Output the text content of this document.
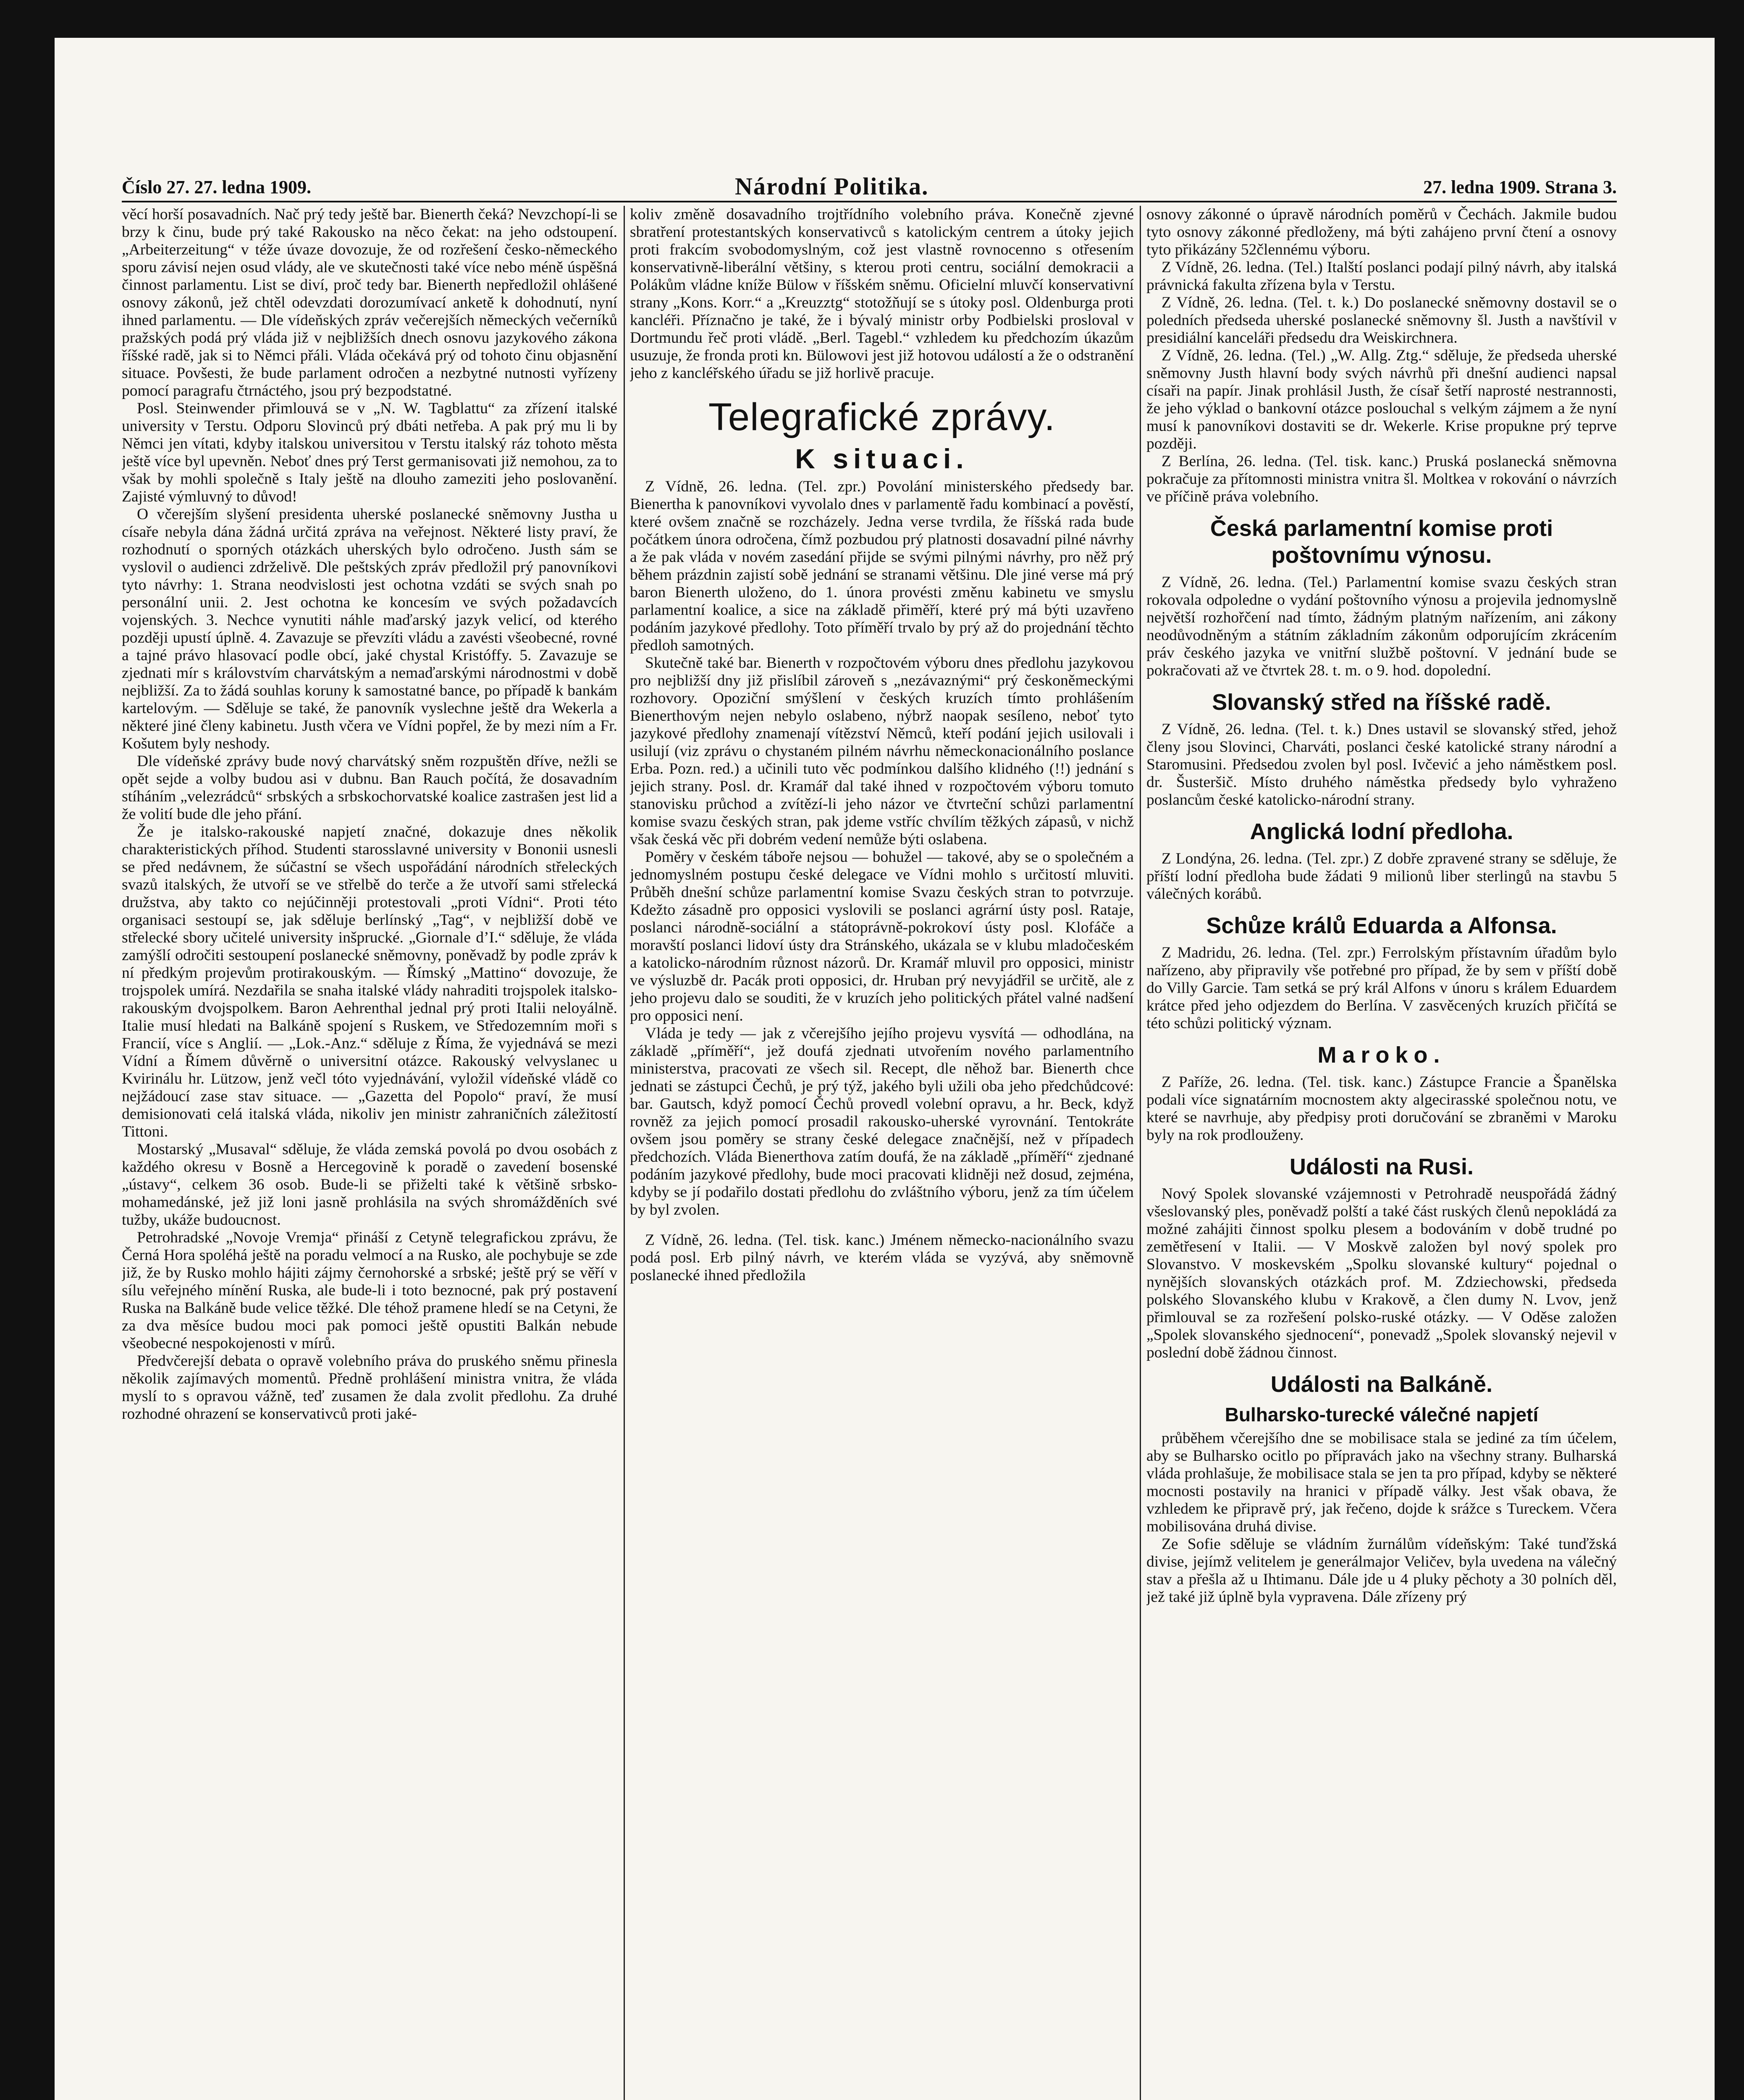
Číslo 27. 27. ledna 1909.	Národní Politika.	27. ledna 1909. Strana 3.

věcí horší posavadních. Nač prý tedy ještě bar. Bienerth čeká? Nevzchopí-li se brzy k činu, bude prý také Rakousko na něco čekat: na jeho odstoupení. „Arbeiterzeitung“ v téže úvaze dovozuje, že od rozřešení česko-německého sporu závisí nejen osud vlády, ale ve skutečnosti také více nebo méně úspěšná činnost parlamentu. List se diví, proč tedy bar. Bienerth nepředložil ohlášené osnovy zákonů, jež chtěl odevzdati dorozumívací anketě k dohodnutí, nyní ihned parlamentu. — Dle vídeňských zpráv večerejších německých večerníků pražských podá prý vláda již v nejbližších dnech osnovu jazykového zákona říšské radě, jak si to Němci přáli. Vláda očekává prý od tohoto činu objasnění situace. Povšesti, že bude parlament odročen a nezbytné nutnosti vyřízeny pomocí paragrafu čtrnáctého, jsou prý bezpodstatné.

Posl. Steinwender přimlouvá se v „N. W. Tagblattu“ za zřízení italské university v Terstu. Odporu Slovinců prý dbáti netřeba. A pak prý mu li by Němci jen vítati, kdyby italskou universitou v Terstu italský ráz tohoto města ještě více byl upevněn. Neboť dnes prý Terst germanisovati již nemohou, za to však by mohli společně s Italy ještě na dlouho zameziti jeho poslovanění. Zajisté výmluvný to důvod!

O včerejším slyšení presidenta uherské poslanecké sněmovny Justha u císaře nebyla dána žádná určitá zpráva na veřejnost. Některé listy praví, že rozhodnutí o sporných otázkách uherských bylo odročeno. Justh sám se vyslovil o audienci zdrželivě. Dle peštských zpráv předložil prý panovníkovi tyto návrhy: 1. Strana neodvislosti jest ochotna vzdáti se svých snah po personální unii. 2. Jest ochotna ke koncesím ve svých požadavcích vojenských. 3. Nechce vynutiti náhle maďarský jazyk velicí, od kterého později upustí úplně. 4. Zavazuje se převzíti vládu a zavésti všeobecné, rovné a tajné právo hlasovací podle obcí, jaké chystal Kristóffy. 5. Zavazuje se zjednati mír s královstvím charvátským a nemaďarskými národnostmi v době nejbližší. Za to žádá souhlas koruny k samostatné bance, po případě k bankám kartelovým. — Sděluje se také, že panovník vyslechne ještě dra Wekerla a některé jiné členy kabinetu. Justh včera ve Vídni popřel, že by mezi ním a Fr. Košutem byly neshody.

Dle vídeňské zprávy bude nový charvátský sněm rozpuštěn dříve, nežli se opět sejde a volby budou asi v dubnu. Ban Rauch počítá, že dosavadním stíháním „velezrádců“ srbských a srbskochorvatské koalice zastrašen jest lid a že volití bude dle jeho přání.

Že je italsko-rakouské napjetí značné, dokazuje dnes několik charakteristických příhod. Studenti starosslavné university v Bononii usnesli se před nedávnem, že súčastní se všech uspořádání národních střeleckých svazů italských, že utvoří se ve střelbě do terče a že utvoří sami střelecká družstva, aby takto co nejúčinněji protestovali „proti Vídni“. Proti této organisaci sestoupí se, jak sděluje berlínský „Tag“, v nejbližší době ve střelecké sbory učitelé university inšprucké. „Giornale d’I.“ sděluje, že vláda zamýšlí odročiti sestoupení poslanecké sněmovny, poněvadž by podle zpráv k ní předkým projevům protirakouským. — Římský „Mattino“ dovozuje, že trojspolek umírá. Nezdařila se snaha italské vlády nahraditi trojspolek italsko-rakouským dvojspolkem. Baron Aehrenthal jednal prý proti Italii neloyálně. Italie musí hledati na Balkáně spojení s Ruskem, ve Středozemním moři s Francií, více s Anglií. — „Lok.-Anz.“ sděluje z Říma, že vyjednává se mezi Vídní a Římem důvěrně o universitní otázce. Rakouský velvyslanec u Kvirinálu hr. Lützow, jenž večl tóto vyjednávání, vyložil vídeňské vládě co nejžádoucí zase stav situace. — „Gazetta del Popolo“ praví, že musí demisionovati celá italská vláda, nikoliv jen ministr zahraničních záležitostí Tittoni.

Mostarský „Musaval“ sděluje, že vláda zemská povolá po dvou osobách z každého okresu v Bosně a Hercegovině k poradě o zavedení bosenské „ústavy“, celkem 36 osob. Bude-li se přiželti také k většině srbsko-mohamedánské, jež již loni jasně prohlásila na svých shromážděních své tužby, ukáže budoucnost.

Petrohradské „Novoje Vremja“ přináší z Cetyně telegrafickou zprávu, že Černá Hora spoléhá ještě na poradu velmocí a na Rusko, ale pochybuje se zde již, že by Rusko mohlo hájiti zájmy černohorské a srbské; ještě prý se věří v sílu veřejného mínění Ruska, ale bude-li i toto beznocné, pak prý postavení Ruska na Balkáně bude velice těžké. Dle téhož pramene hledí se na Cetyni, že za dva měsíce budou moci pak pomoci ještě opustiti Balkán nebude všeobecné nespokojenosti v mírů.

Předvčerejší debata o opravě volebního práva do pruského sněmu přinesla několik zajímavých momentů. Předně prohlášení ministra vnitra, že vláda myslí to s opravou vážně, teď zusamen že dala zvolit předlohu. Za druhé rozhodné ohrazení se konservativců proti jaké-

koliv změně dosavadního trojtřídního volebního práva. Konečně zjevné sbratření protestantských konservativců s katolickým centrem a útoky jejich proti frakcím svobodomyslným, což jest vlastně rovnocenno s otřesením konservativně-liberální většiny, s kterou proti centru, sociální demokracii a Polákům vládne kníže Bülow v říšském sněmu. Oficielní mluvčí konservativní strany „Kons. Korr.“ a „Kreuzztg“ stotožňují se s útoky posl. Oldenburga proti kancléři. Příznačno je také, že i bývalý ministr orby Podbielski prosloval v Dortmundu řeč proti vládě. „Berl. Tagebl.“ vzhledem ku předchozím úkazům usuzuje, že fronda proti kn. Bülowovi jest již hotovou událostí a že o odstranění jeho z kancléřského úřadu se již horlivě pracuje.

Telegrafické zprávy.
K situaci.

Z Vídně, 26. ledna. (Tel. zpr.) Povolání ministerského předsedy bar. Bienertha k panovníkovi vyvolalo dnes v parlamentě řadu kombinací a pověstí, které ovšem značně se rozcházely. Jedna verse tvrdila, že říšská rada bude počátkem února odročena, čímž pozbudou prý platnosti dosavadní pilné návrhy a že pak vláda v novém zasedání přijde se svými pilnými návrhy, pro něž prý během prázdnin zajistí sobě jednání se stranami většinu. Dle jiné verse má prý baron Bienerth uloženo, do 1. února provésti změnu kabinetu ve smyslu parlamentní koalice, a sice na základě přiměří, které prý má býti uzavřeno podáním jazykové předlohy. Toto příměří trvalo by prý až do projednání těchto předloh samotných.

Skutečně také bar. Bienerth v rozpočtovém výboru dnes předlohu jazykovou pro nejbližší dny již přislíbil zároveň s „nezávaznými“ prý českoněmeckými rozhovory. Opoziční smýšlení v českých kruzích tímto prohlášením Bienerthovým nejen nebylo oslabeno, nýbrž naopak sesíleno, neboť tyto jazykové předlohy znamenají vítězství Němců, kteří podání jejich usilovali i usilují (viz zprávu o chystaném pilném návrhu německonacionálního poslance Erba. Pozn. red.) a učinili tuto věc podmínkou dalšího klidného (!!) jednání s jejich strany. Posl. dr. Kramář dal také ihned v rozpočtovém výboru tomuto stanovisku průchod a zvítězí-li jeho názor ve čtvrteční schůzi parlamentní komise svazu českých stran, pak jdeme vstříc chvílím těžkých zápasů, v nichž však česká věc při dobrém vedení nemůže býti oslabena.

Poměry v českém táboře nejsou — bohužel — takové, aby se o společném a jednomyslném postupu české delegace ve Vídni mohlo s určitostí mluviti. Průběh dnešní schůze parlamentní komise Svazu českých stran to potvrzuje. Kdežto zásadně pro opposici vyslovili se poslanci agrární ústy posl. Rataje, poslanci národně-sociální a státoprávně-pokrokoví ústy posl. Klofáče a moravští poslanci lidoví ústy dra Stránského, ukázala se v klubu mladočeském a katolicko-národním různost názorů. Dr. Kramář mluvil pro opposici, ministr ve výsluzbě dr. Pacák proti opposici, dr. Hruban prý nevyjádřil se určitě, ale z jeho projevu dalo se souditi, že v kruzích jeho politických přátel valné nadšení pro opposici není.

Vláda je tedy — jak z včerejšího jejího projevu vysvítá — odhodlána, na základě „příměří“, jež doufá zjednati utvořením nového parlamentního ministerstva, pracovati ze všech sil. Recept, dle něhož bar. Bienerth chce jednati se zástupci Čechů, je prý týž, jakého byli užili oba jeho předchůdcové: bar. Gautsch, když pomocí Čechů provedl volební opravu, a hr. Beck, když rovněž za jejich pomocí prosadil rakousko-uherské vyrovnání. Tentokráte ovšem jsou poměry se strany české delegace značnější, než v případech předchozích. Vláda Bienerthova zatím doufá, že na základě „příměří“ zjednané podáním jazykové předlohy, bude moci pracovati klidněji než dosud, zejména, kdyby se jí podařilo dostati předlohu do zvláštního výboru, jenž za tím účelem by byl zvolen.

Z Vídně, 26. ledna. (Tel. tisk. kanc.) Jménem německo-nacionálního svazu podá posl. Erb pilný návrh, ve kterém vláda se vyzývá, aby sněmovně poslanecké ihned předložila

osnovy zákonné o úpravě národních poměrů v Čechách. Jakmile budou tyto osnovy zákonné předloženy, má býti zahájeno první čtení a osnovy tyto přikázány 52člennému výboru.

Z Vídně, 26. ledna. (Tel.) Italští poslanci podají pilný návrh, aby italská právnická fakulta zřízena byla v Terstu.

Z Vídně, 26. ledna. (Tel. t. k.) Do poslanecké sněmovny dostavil se o poledních předseda uherské poslanecké sněmovny šl. Justh a navštívil v presidiální kanceláři předsedu dra Weiskirchnera.

Z Vídně, 26. ledna. (Tel.) „W. Allg. Ztg.“ sděluje, že předseda uherské sněmovny Justh hlavní body svých návrhů při dnešní audienci napsal císaři na papír. Jinak prohlásil Justh, že císař šetří naprosté nestrannosti, že jeho výklad o bankovní otázce poslouchal s velkým zájmem a že nyní musí k panovníkovi dostaviti se dr. Wekerle. Krise propukne prý teprve později.

Z Berlína, 26. ledna. (Tel. tisk. kanc.) Pruská poslanecká sněmovna pokračuje za přítomnosti ministra vnitra šl. Moltkea v rokování o návrzích ve příčině práva volebního.

Česká parlamentní komise proti poštovnímu výnosu.

Z Vídně, 26. ledna. (Tel.) Parlamentní komise svazu českých stran rokovala odpoledne o vydání poštovního výnosu a projevila jednomyslně největší rozhořčení nad tímto, žádným platným nařízením, ani zákony neodůvodněným a státním základním zákonům odporujícím zkrácením práv českého jazyka ve vnitřní službě poštovní. V jednání bude se pokračovati až ve čtvrtek 28. t. m. o 9. hod. dopolední.

Slovanský střed na říšské radě.

Z Vídně, 26. ledna. (Tel. t. k.) Dnes ustavil se slovanský střed, jehož členy jsou Slovinci, Charváti, poslanci české katolické strany národní a Staromusini. Předsedou zvolen byl posl. Ivčević a jeho náměstkem posl. dr. Šusteršič. Místo druhého náměstka předsedy bylo vyhraženo poslancům české katolicko-národní strany.

Anglická lodní předloha.

Z Londýna, 26. ledna. (Tel. zpr.) Z dobře zpravené strany se sděluje, že příští lodní předloha bude žádati 9 milionů liber sterlingů na stavbu 5 válečných korábů.

Schůze králů Eduarda a Alfonsa.

Z Madridu, 26. ledna. (Tel. zpr.) Ferrolským přístavním úřadům bylo nařízeno, aby připravily vše potřebné pro případ, že by sem v příští době do Villy Garcie. Tam setká se prý král Alfons v únoru s králem Eduardem krátce před jeho odjezdem do Berlína. V zasvěcených kruzích přičítá se této schůzi politický význam.

Maroko.

Z Paříže, 26. ledna. (Tel. tisk. kanc.) Zástupce Francie a Španělska podali více signatárním mocnostem akty algecirasské společnou notu, ve které se navrhuje, aby předpisy proti doručování se zbraněmi v Maroku byly na rok prodlouženy.

Události na Rusi.

Nový Spolek slovanské vzájemnosti v Petrohradě neuspořádá žádný všeslovanský ples, poněvadž polští a také část ruských členů nepokládá za možné zahájiti činnost spolku plesem a bodováním v době trudné po zemětřesení v Italii. — V Moskvě založen byl nový spolek pro Slovanstvo. V moskevském „Spolku slovanské kultury“ pojednal o nynějších slovanských otázkách prof. M. Zdziechowski, předseda polského Slovanského klubu v Krakově, a člen dumy N. Lvov, jenž přimlouval se za rozřešení polsko-ruské otázky. — V Oděse založen „Spolek slovanského sjednocení“, ponevadž „Spolek slovanský nejevil v poslední době žádnou činnost.

Události na Balkáně.
Bulharsko-turecké válečné napjetí

průběhem včerejšího dne se mobilisace stala se jediné za tím účelem, aby se Bulharsko ocitlo po přípravách jako na všechny strany. Bulharská vláda prohlašuje, že mobilisace stala se jen ta pro případ, kdyby se některé mocnosti postavily na hranici v případě války. Jest však obava, že vzhledem ke připravě prý, jak řečeno, dojde k srážce s Tureckem. Včera mobilisována druhá divise.

Ze Sofie sděluje se vládním žurnálům vídeňským: Také tunďžská divise, jejímž velitelem je generálmajor Veličev, byla uvedena na válečný stav a přešla až u Ihtimanu. Dále jde u 4 pluky pěchoty a 30 polních děl, jež také již úplně byla vypravena. Dále zřízeny prý
